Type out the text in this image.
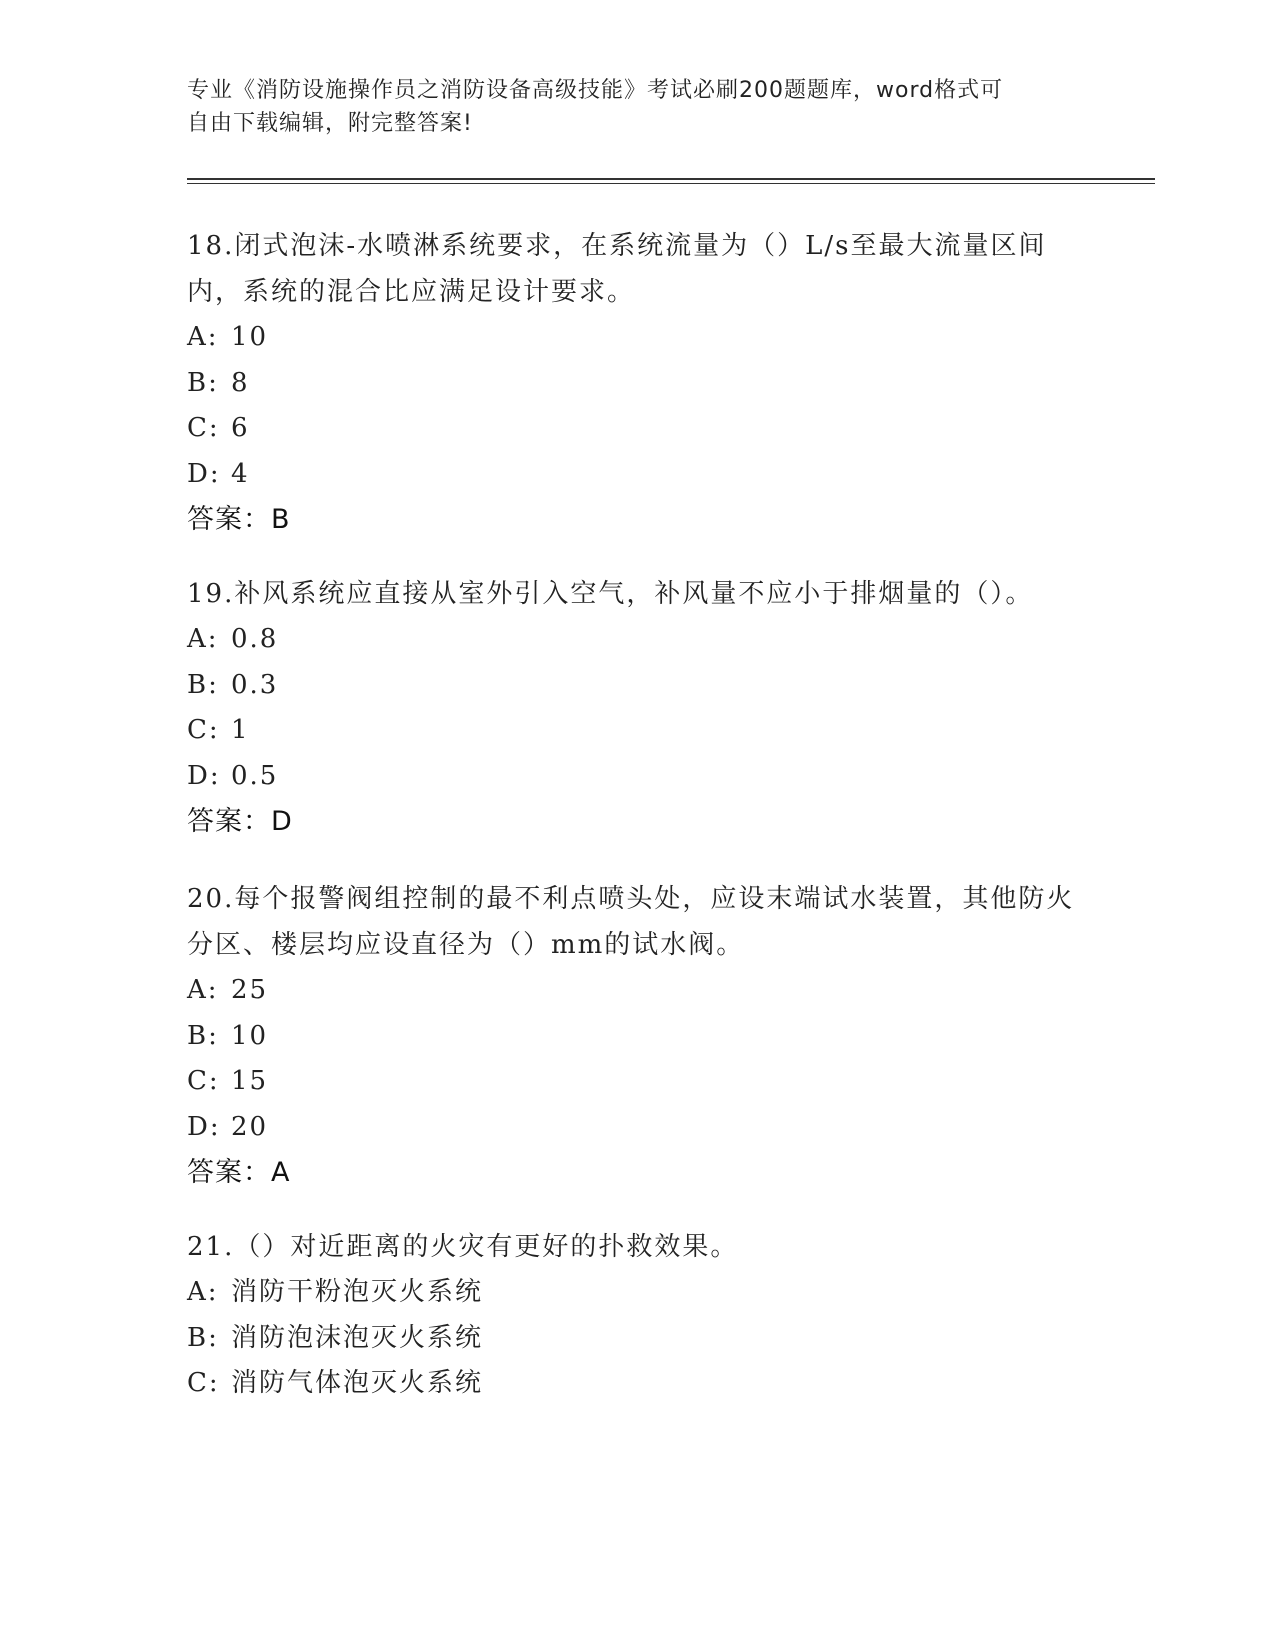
专业《消防设施操作员之消防设备高级技能》考试必刷200题题库，word格式可
自由下载编辑，附完整答案!

18.闭式泡沫-水喷淋系统要求，在系统流量为（）L/s至最大流量区间内，系统的混合比应满足设计要求。

A: 10

B: 8

C: 6

D: 4

答案：B

19.补风系统应直接从室外引入空气，补风量不应小于排烟量的（）。

A: 0.8

B: 0.3

C: 1

D: 0.5

答案：D

20.每个报警阀组控制的最不利点喷头处，应设末端试水装置，其他防火分区、楼层均应设直径为（）mm的试水阀。

A: 25

B: 10

C: 15

D: 20

答案：A

21.（）对近距离的火灾有更好的扑救效果。

A: 消防干粉泡灭火系统

B: 消防泡沫泡灭火系统

C: 消防气体泡灭火系统
